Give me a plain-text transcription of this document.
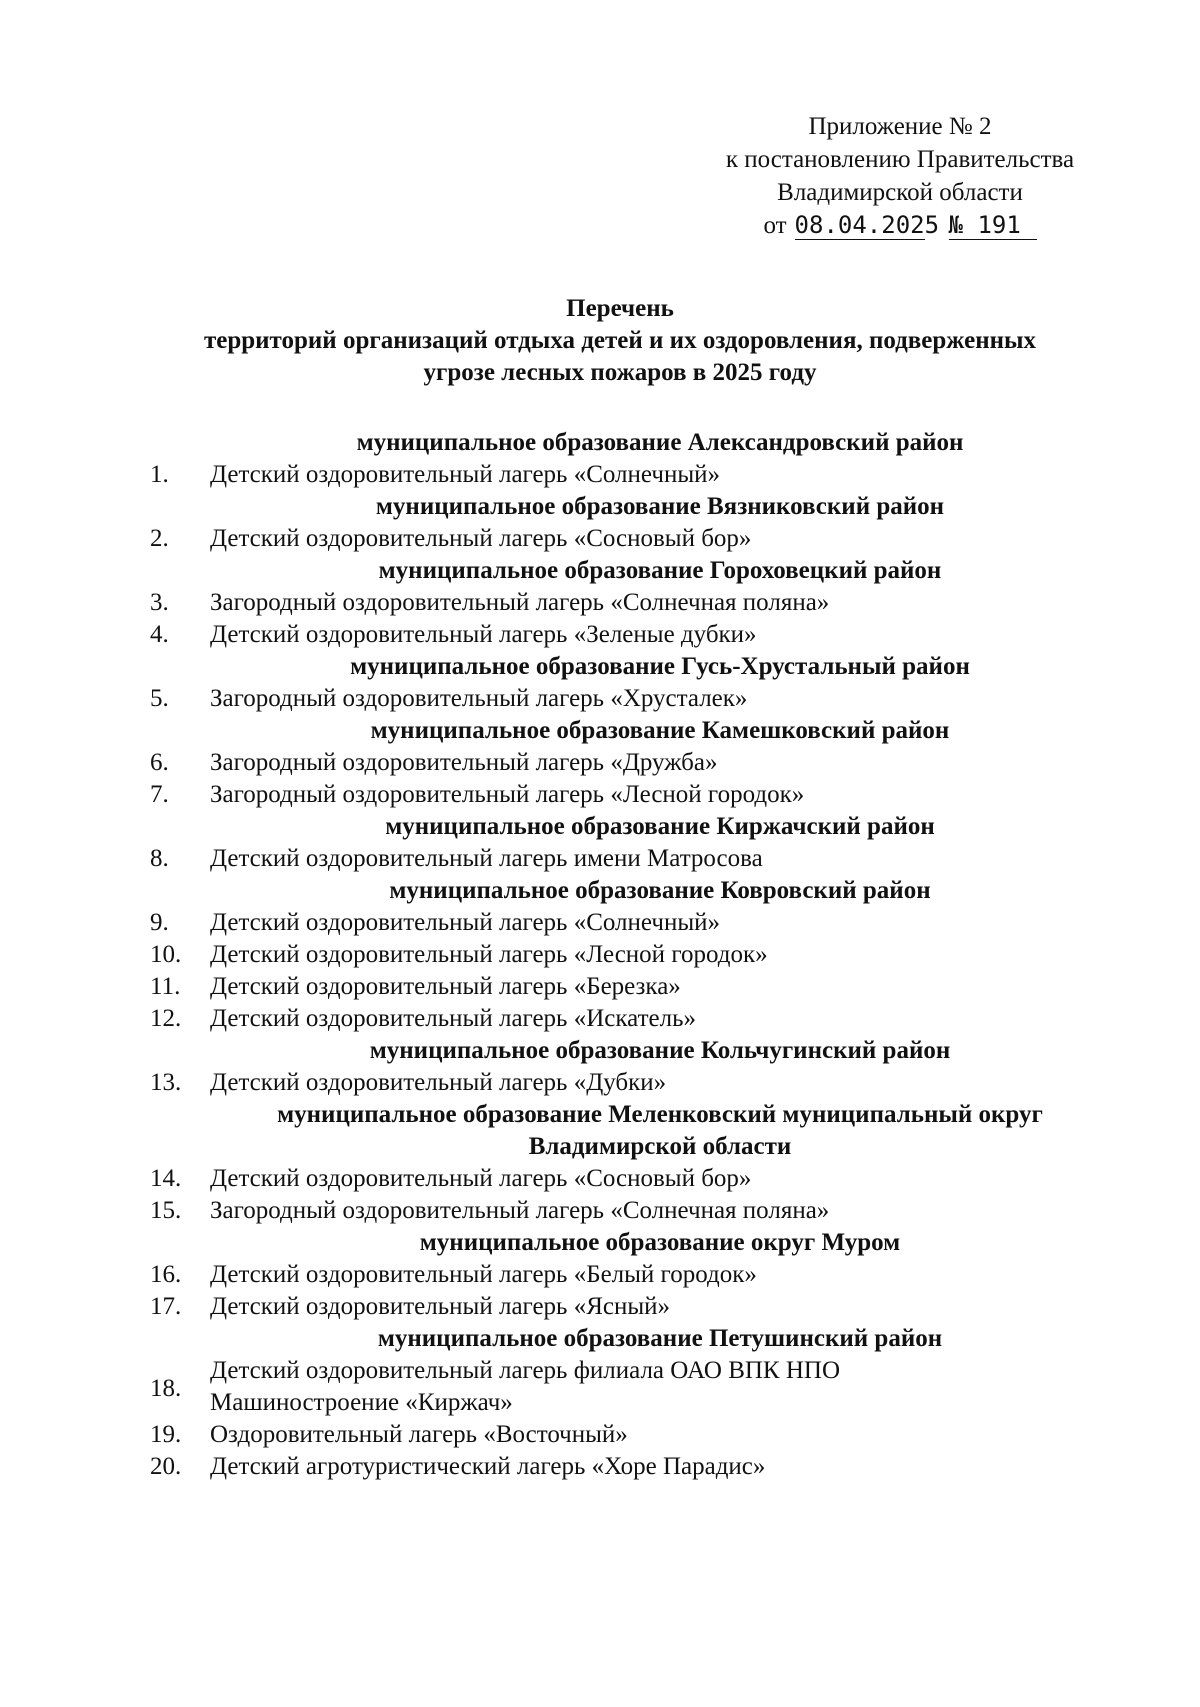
Приложение № 2
к постановлению Правительства
Владимирской области
от 08.04.2025 № 191
Перечень
территорий организаций отдыха детей и их оздоровления, подверженных
угрозе лесных пожаров в 2025 году
муниципальное образование Александровский район
1.	Детский оздоровительный лагерь «Солнечный»
муниципальное образование Вязниковский район
2.	Детский оздоровительный лагерь «Сосновый бор»
муниципальное образование Гороховецкий район
3.	Загородный оздоровительный лагерь «Солнечная поляна»
4.	Детский оздоровительный лагерь «Зеленые дубки»
муниципальное образование Гусь-Хрустальный район
5.	Загородный оздоровительный лагерь «Хрусталек»
муниципальное образование Камешковский район
6.	Загородный оздоровительный лагерь «Дружба»
7.	Загородный оздоровительный лагерь «Лесной городок»
муниципальное образование Киржачский район
8.	Детский оздоровительный лагерь имени Матросова
муниципальное образование Ковровский район
9.	Детский оздоровительный лагерь «Солнечный»
10.	Детский оздоровительный лагерь «Лесной городок»
11.	Детский оздоровительный лагерь «Березка»
12.	Детский оздоровительный лагерь «Искатель»
муниципальное образование Кольчугинский район
13.	Детский оздоровительный лагерь «Дубки»
муниципальное образование Меленковский муниципальный округ
Владимирской области
14.	Детский оздоровительный лагерь «Сосновый бор»
15.	Загородный оздоровительный лагерь «Солнечная поляна»
муниципальное образование округ Муром
16.	Детский оздоровительный лагерь «Белый городок»
17.	Детский оздоровительный лагерь «Ясный»
муниципальное образование Петушинский район
18.
Детский оздоровительный лагерь филиала ОАО ВПК НПО
Машиностроение «Киржач»
19.	Оздоровительный лагерь «Восточный»
20.	Детский агротуристический лагерь «Хоре Парадис»
